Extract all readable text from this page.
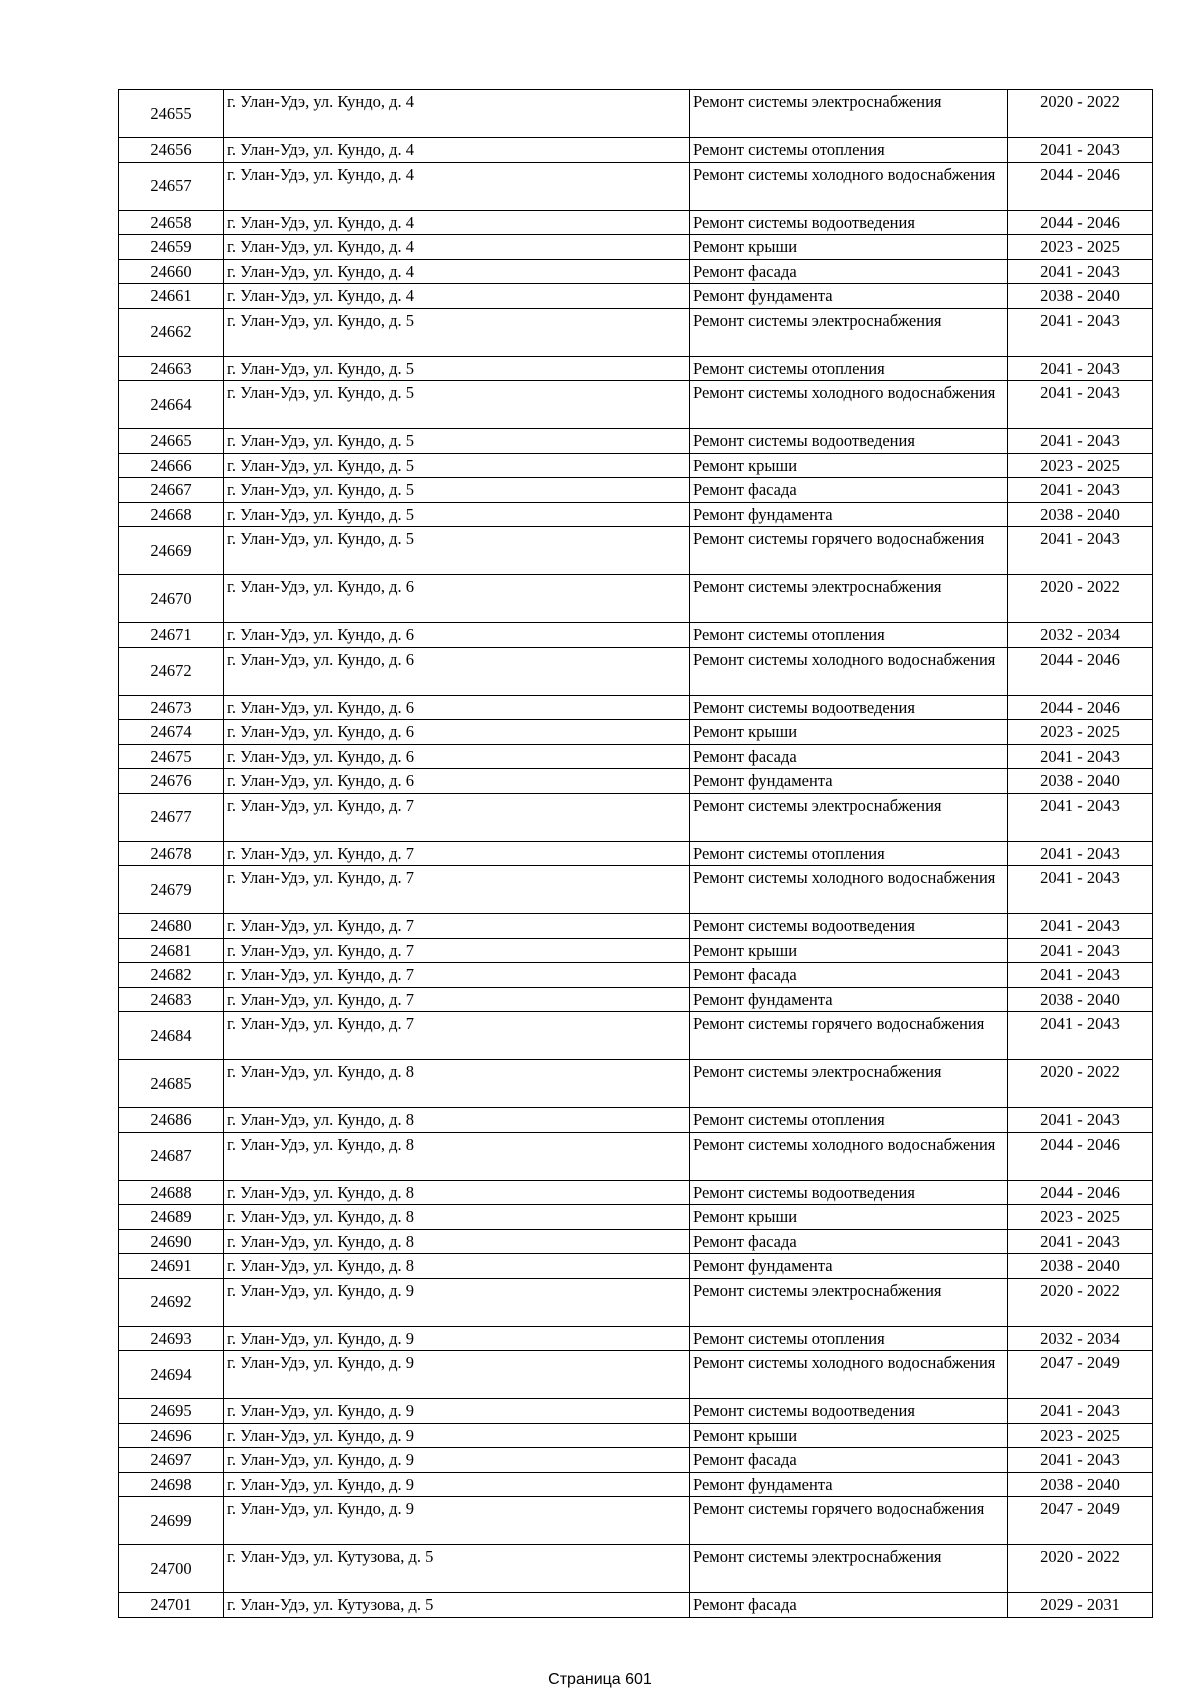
24655	г. Улан-Удэ, ул. Кундо, д. 4	Ремонт системы электроснабжения	2020 - 2022
24656	г. Улан-Удэ, ул. Кундо, д. 4	Ремонт системы отопления	2041 - 2043
24657	г. Улан-Удэ, ул. Кундо, д. 4	Ремонт системы холодного водоснабжения	2044 - 2046
24658	г. Улан-Удэ, ул. Кундо, д. 4	Ремонт системы водоотведения	2044 - 2046
24659	г. Улан-Удэ, ул. Кундо, д. 4	Ремонт крыши	2023 - 2025
24660	г. Улан-Удэ, ул. Кундо, д. 4	Ремонт фасада	2041 - 2043
24661	г. Улан-Удэ, ул. Кундо, д. 4	Ремонт фундамента	2038 - 2040
24662	г. Улан-Удэ, ул. Кундо, д. 5	Ремонт системы электроснабжения	2041 - 2043
24663	г. Улан-Удэ, ул. Кундо, д. 5	Ремонт системы отопления	2041 - 2043
24664	г. Улан-Удэ, ул. Кундо, д. 5	Ремонт системы холодного водоснабжения	2041 - 2043
24665	г. Улан-Удэ, ул. Кундо, д. 5	Ремонт системы водоотведения	2041 - 2043
24666	г. Улан-Удэ, ул. Кундо, д. 5	Ремонт крыши	2023 - 2025
24667	г. Улан-Удэ, ул. Кундо, д. 5	Ремонт фасада	2041 - 2043
24668	г. Улан-Удэ, ул. Кундо, д. 5	Ремонт фундамента	2038 - 2040
24669	г. Улан-Удэ, ул. Кундо, д. 5	Ремонт системы горячего водоснабжения	2041 - 2043
24670	г. Улан-Удэ, ул. Кундо, д. 6	Ремонт системы электроснабжения	2020 - 2022
24671	г. Улан-Удэ, ул. Кундо, д. 6	Ремонт системы отопления	2032 - 2034
24672	г. Улан-Удэ, ул. Кундо, д. 6	Ремонт системы холодного водоснабжения	2044 - 2046
24673	г. Улан-Удэ, ул. Кундо, д. 6	Ремонт системы водоотведения	2044 - 2046
24674	г. Улан-Удэ, ул. Кундо, д. 6	Ремонт крыши	2023 - 2025
24675	г. Улан-Удэ, ул. Кундо, д. 6	Ремонт фасада	2041 - 2043
24676	г. Улан-Удэ, ул. Кундо, д. 6	Ремонт фундамента	2038 - 2040
24677	г. Улан-Удэ, ул. Кундо, д. 7	Ремонт системы электроснабжения	2041 - 2043
24678	г. Улан-Удэ, ул. Кундо, д. 7	Ремонт системы отопления	2041 - 2043
24679	г. Улан-Удэ, ул. Кундо, д. 7	Ремонт системы холодного водоснабжения	2041 - 2043
24680	г. Улан-Удэ, ул. Кундо, д. 7	Ремонт системы водоотведения	2041 - 2043
24681	г. Улан-Удэ, ул. Кундо, д. 7	Ремонт крыши	2041 - 2043
24682	г. Улан-Удэ, ул. Кундо, д. 7	Ремонт фасада	2041 - 2043
24683	г. Улан-Удэ, ул. Кундо, д. 7	Ремонт фундамента	2038 - 2040
24684	г. Улан-Удэ, ул. Кундо, д. 7	Ремонт системы горячего водоснабжения	2041 - 2043
24685	г. Улан-Удэ, ул. Кундо, д. 8	Ремонт системы электроснабжения	2020 - 2022
24686	г. Улан-Удэ, ул. Кундо, д. 8	Ремонт системы отопления	2041 - 2043
24687	г. Улан-Удэ, ул. Кундо, д. 8	Ремонт системы холодного водоснабжения	2044 - 2046
24688	г. Улан-Удэ, ул. Кундо, д. 8	Ремонт системы водоотведения	2044 - 2046
24689	г. Улан-Удэ, ул. Кундо, д. 8	Ремонт крыши	2023 - 2025
24690	г. Улан-Удэ, ул. Кундо, д. 8	Ремонт фасада	2041 - 2043
24691	г. Улан-Удэ, ул. Кундо, д. 8	Ремонт фундамента	2038 - 2040
24692	г. Улан-Удэ, ул. Кундо, д. 9	Ремонт системы электроснабжения	2020 - 2022
24693	г. Улан-Удэ, ул. Кундо, д. 9	Ремонт системы отопления	2032 - 2034
24694	г. Улан-Удэ, ул. Кундо, д. 9	Ремонт системы холодного водоснабжения	2047 - 2049
24695	г. Улан-Удэ, ул. Кундо, д. 9	Ремонт системы водоотведения	2041 - 2043
24696	г. Улан-Удэ, ул. Кундо, д. 9	Ремонт крыши	2023 - 2025
24697	г. Улан-Удэ, ул. Кундо, д. 9	Ремонт фасада	2041 - 2043
24698	г. Улан-Удэ, ул. Кундо, д. 9	Ремонт фундамента	2038 - 2040
24699	г. Улан-Удэ, ул. Кундо, д. 9	Ремонт системы горячего водоснабжения	2047 - 2049
24700	г. Улан-Удэ, ул. Кутузова, д. 5	Ремонт системы электроснабжения	2020 - 2022
24701	г. Улан-Удэ, ул. Кутузова, д. 5	Ремонт фасада	2029 - 2031
Страница 601
